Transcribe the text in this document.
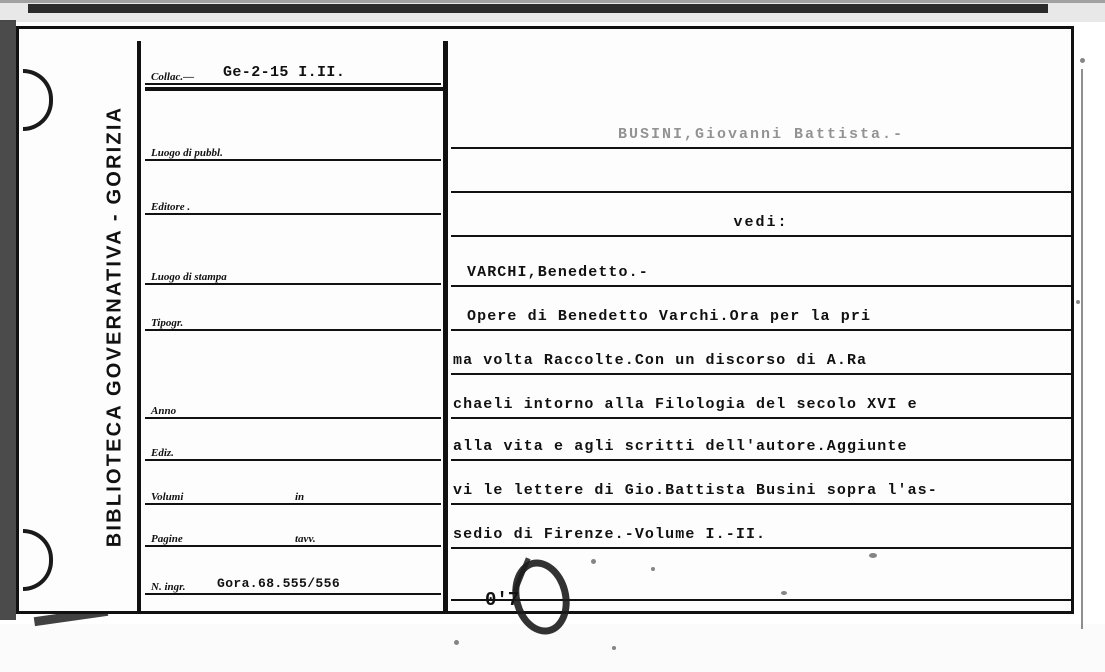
BIBLIOTECA GOVERNATIVA - GORIZIA
Collac.— Ge-2-15 I.II.
Luogo di pubbl.
Editore .
Luogo di stampa
Tipogr.
Anno
Ediz.
Volumi	in
Pagine	tavv.
N. ingr. Gora.68.555/556
BUSINI,Giovanni Battista.-
vedi:
VARCHI,Benedetto.-
Opere di Benedetto Varchi.Ora per la pri
ma volta Raccolte.Con un discorso di A.Ra
chaeli intorno alla Filologia del secolo XVI e
alla vita e agli scritti dell'autore.Aggiunte
vi le lettere di Gio.Battista Busini sopra l'as-
sedio di Firenze.-Volume I.-II.
0'7
